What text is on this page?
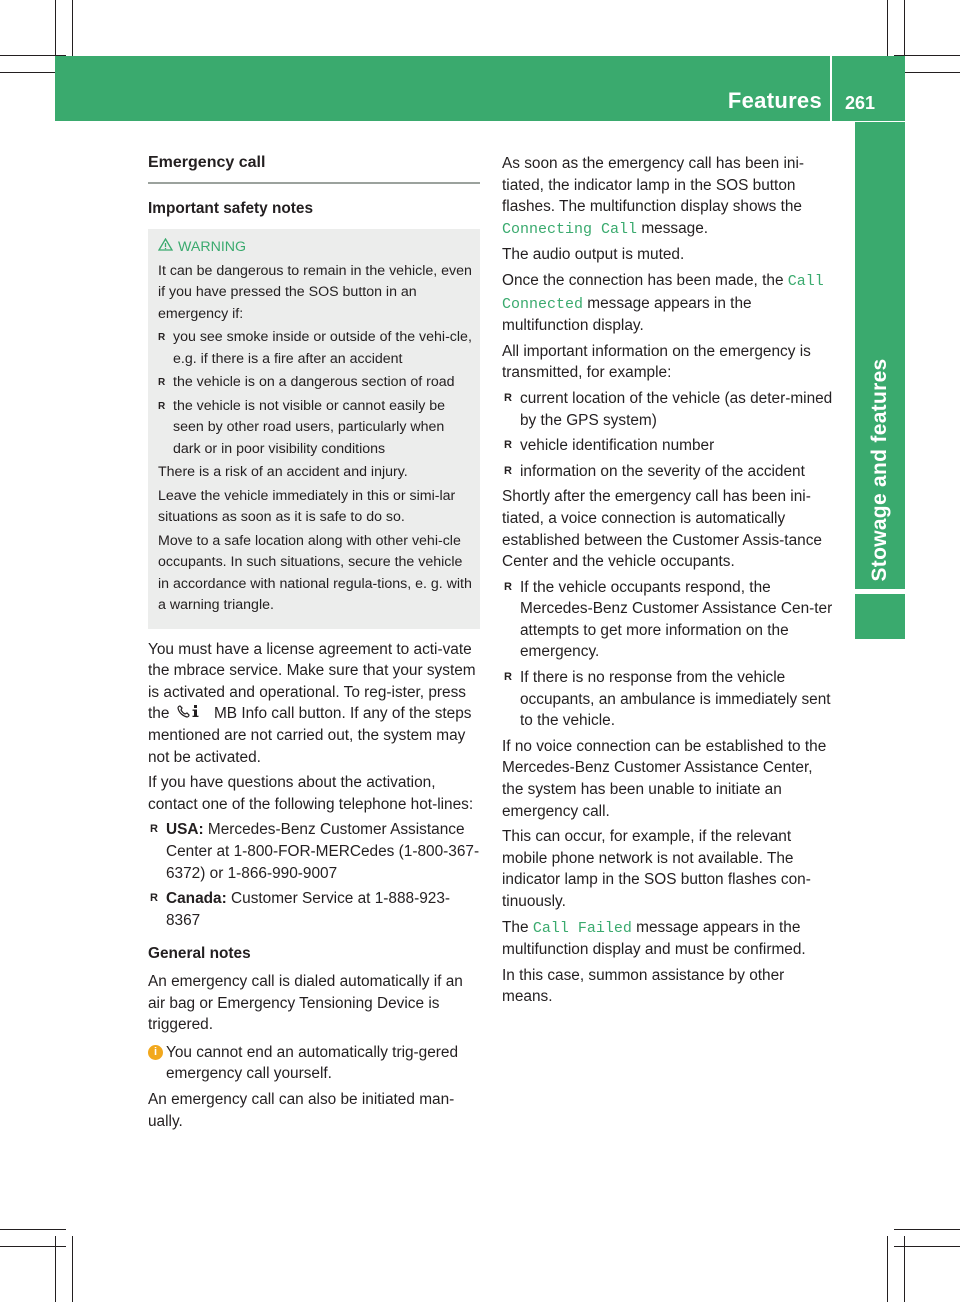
Features 261
Stowage and features
Emergency call
Important safety notes
WARNING

It can be dangerous to remain in the vehicle, even if you have pressed the SOS button in an emergency if:

R you see smoke inside or outside of the vehi-cle, e.g. if there is a fire after an accident
R the vehicle is on a dangerous section of road
R the vehicle is not visible or cannot easily be seen by other road users, particularly when dark or in poor visibility conditions

There is a risk of an accident and injury.

Leave the vehicle immediately in this or simi-lar situations as soon as it is safe to do so.

Move to a safe location along with other vehi-cle occupants. In such situations, secure the vehicle in accordance with national regula-tions, e. g. with a warning triangle.

You must have a license agreement to acti-vate the mbrace service. Make sure that your system is activated and operational. To reg-ister, press the	MB Info call button. If any of the steps mentioned are not carried out, the system may not be activated.

If you have questions about the activation, contact one of the following telephone hot-lines:

R USA: Mercedes-Benz Customer Assistance Center at 1-800-FOR-MERCedes (1-800-367-6372) or 1-866-990-9007
R Canada: Customer Service at 1-888-923-8367
General notes

An emergency call is dialed automatically if an air bag or Emergency Tensioning Device is triggered.

i You cannot end an automatically trig-gered emergency call yourself.

An emergency call can also be initiated man-ually.

As soon as the emergency call has been ini-tiated, the indicator lamp in the SOS button flashes. The multifunction display shows the Connecting Call message.

The audio output is muted.

Once the connection has been made, the Call Connected message appears in the multifunction display.

All important information on the emergency is transmitted, for example:

R current location of the vehicle (as deter-mined by the GPS system)
R vehicle identification number
R information on the severity of the accident

Shortly after the emergency call has been ini-tiated, a voice connection is automatically established between the Customer Assis-tance Center and the vehicle occupants.

R If the vehicle occupants respond, the Mercedes-Benz Customer Assistance Cen-ter attempts to get more information on the emergency.
R If there is no response from the vehicle occupants, an ambulance is immediately sent to the vehicle.

If no voice connection can be established to the Mercedes-Benz Customer Assistance Center, the system has been unable to initiate an emergency call.

This can occur, for example, if the relevant mobile phone network is not available. The indicator lamp in the SOS button flashes con-tinuously.

The Call Failed message appears in the multifunction display and must be confirmed.

In this case, summon assistance by other means.
